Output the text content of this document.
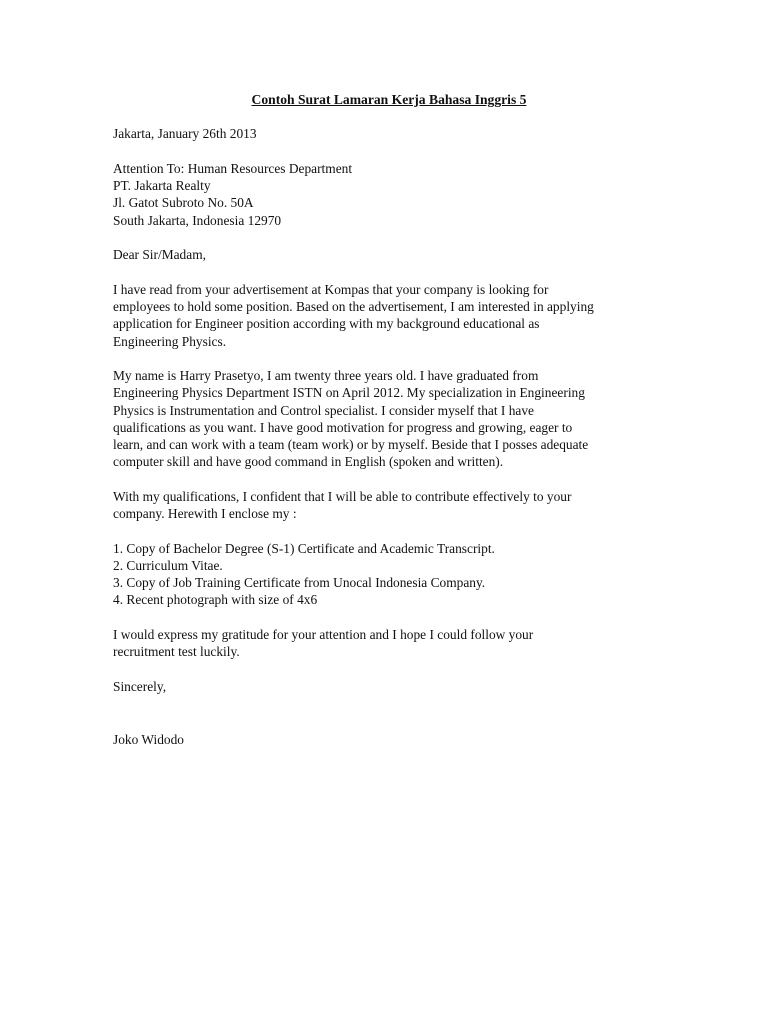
Contoh Surat Lamaran Kerja Bahasa Inggris 5
Jakarta, January 26th 2013
Attention To: Human Resources Department
PT. Jakarta Realty
Jl. Gatot Subroto No. 50A
South Jakarta, Indonesia 12970
Dear Sir/Madam,
I have read from your advertisement at Kompas that your company is looking for
employees to hold some position. Based on the advertisement, I am interested in applying
application for Engineer position according with my background educational as
Engineering Physics.
My name is Harry Prasetyo, I am twenty three years old. I have graduated from
Engineering Physics Department ISTN on April 2012. My specialization in Engineering
Physics is Instrumentation and Control specialist. I consider myself that I have
qualifications as you want. I have good motivation for progress and growing, eager to
learn, and can work with a team (team work) or by myself. Beside that I posses adequate
computer skill and have good command in English (spoken and written).
With my qualifications, I confident that I will be able to contribute effectively to your
company. Herewith I enclose my :
1. Copy of Bachelor Degree (S-1) Certificate and Academic Transcript.
2. Curriculum Vitae.
3. Copy of Job Training Certificate from Unocal Indonesia Company.
4. Recent photograph with size of 4x6
I would express my gratitude for your attention and I hope I could follow your
recruitment test luckily.
Sincerely,
Joko Widodo
